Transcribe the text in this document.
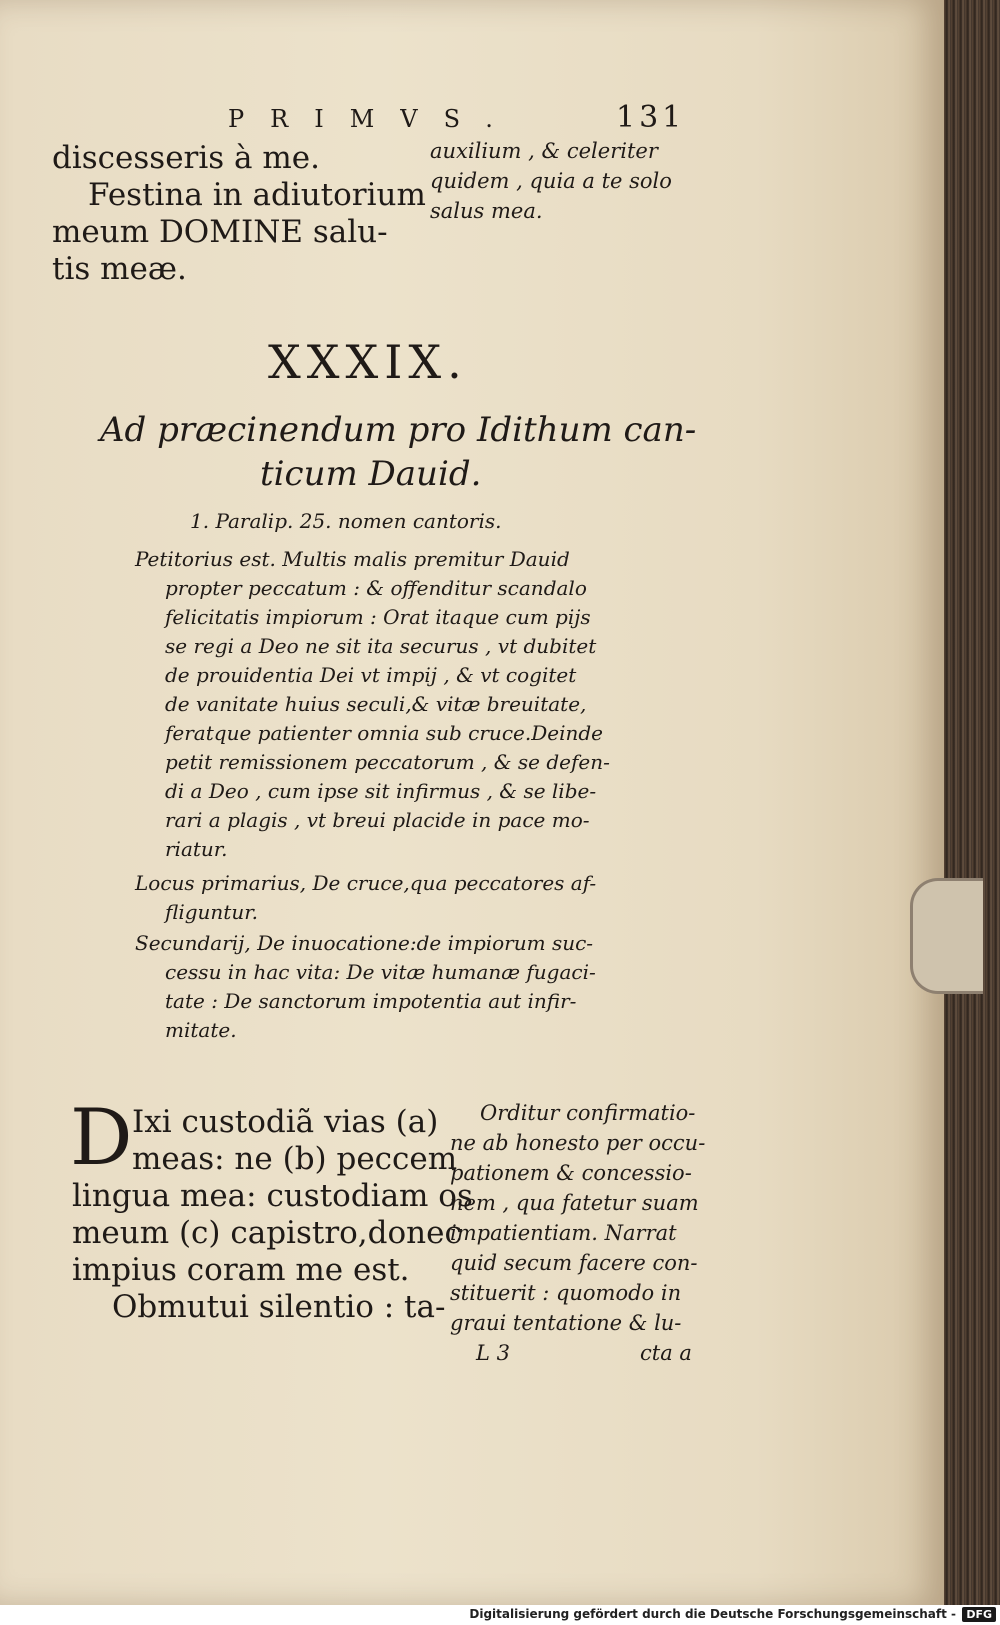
PRIMVS.	131
discesseris à me.
Festina in adiutorium
meum DOMINE salu-
tis meæ.
auxilium , & celeriter
quidem , quia a te solo
salus mea.
XXXIX.
Ad præcinendum pro Idithum can-
ticum Dauid.
1. Paralip. 25. nomen cantoris.
Petitorius est. Multis malis premitur Dauid
propter peccatum : & offenditur scandalo
felicitatis impiorum : Orat itaque cum pijs
se regi a Deo ne sit ita securus , vt dubitet
de prouidentia Dei vt impij , & vt cogitet
de vanitate huius seculi,& vitæ breuitate,
feratque patienter omnia sub cruce.Deinde
petit remissionem peccatorum , & se defen-
di a Deo , cum ipse sit infirmus , & se libe-
rari a plagis , vt breui placide in pace mo-
riatur.
Locus primarius, De cruce,qua peccatores af-
fliguntur.
Secundarij, De inuocatione:de impiorum suc-
cessu in hac vita: De vitæ humanæ fugaci-
tate : De sanctorum impotentia aut infir-
mitate.
D Ixi custodiã vias (a)
meas: ne (b) peccem
lingua mea: custodiam os
meum (c) capistro,donec
impius coram me est.
Obmutui silentio : ta-
Orditur confirmatio-
ne ab honesto per occu-
pationem & concessio-
nem , qua fatetur suam
impatientiam. Narrat
quid secum facere con-
stituerit : quomodo in
graui tentatione & lu-
L 3	cta a
Digitalisierung gefördert durch die Deutsche Forschungsgemeinschaft - DFG
